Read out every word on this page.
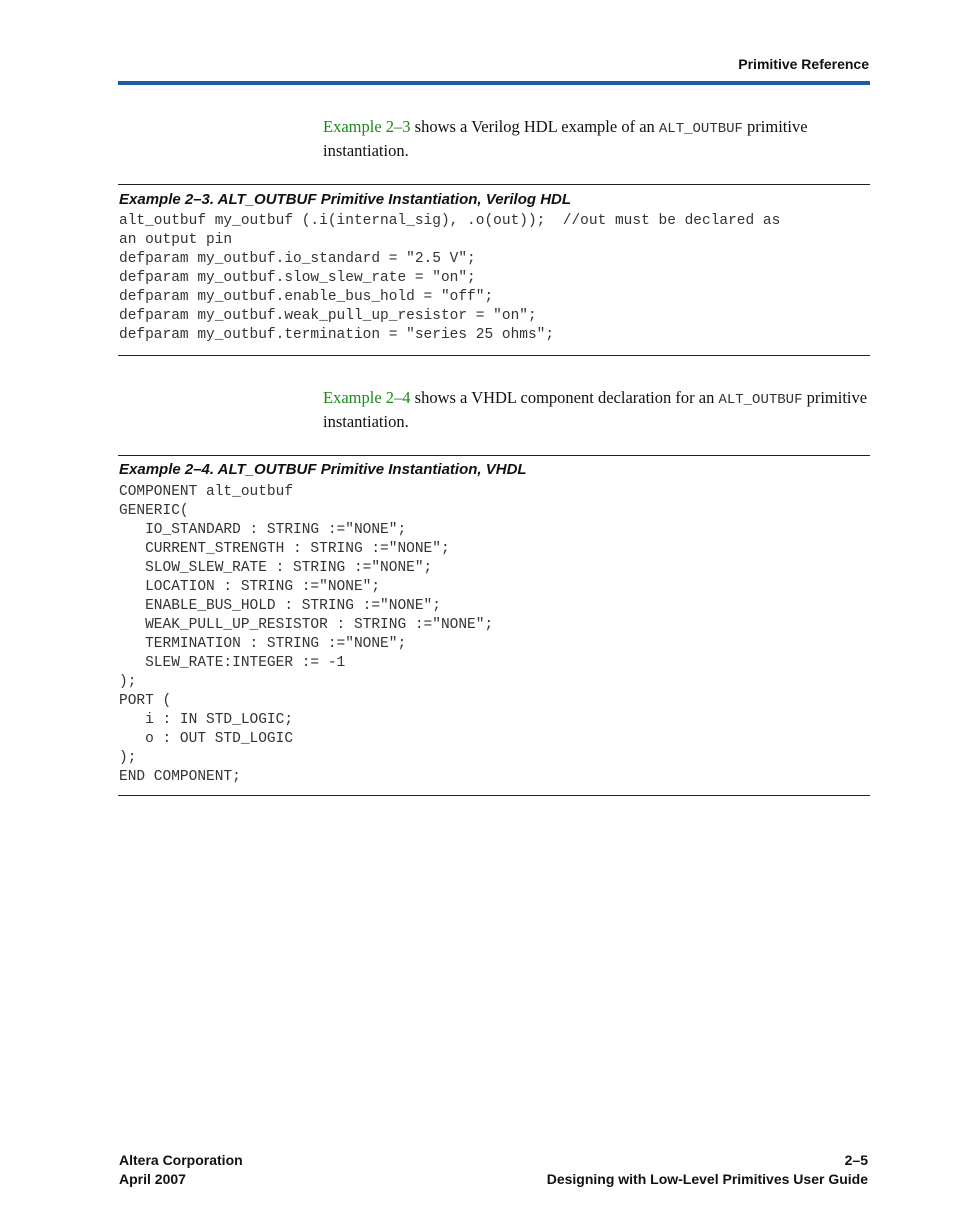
Primitive Reference
Example 2–3 shows a Verilog HDL example of an ALT_OUTBUF primitive instantiation.
Example 2–3. ALT_OUTBUF Primitive Instantiation, Verilog HDL
alt_outbuf my_outbuf (.i(internal_sig), .o(out));  //out must be declared as
an output pin
defparam my_outbuf.io_standard = "2.5 V";
defparam my_outbuf.slow_slew_rate = "on";
defparam my_outbuf.enable_bus_hold = "off";
defparam my_outbuf.weak_pull_up_resistor = "on";
defparam my_outbuf.termination = "series 25 ohms";
Example 2–4 shows a VHDL component declaration for an ALT_OUTBUF primitive instantiation.
Example 2–4. ALT_OUTBUF Primitive Instantiation, VHDL
COMPONENT alt_outbuf
GENERIC(
IO_STANDARD : STRING :="NONE";
CURRENT_STRENGTH : STRING :="NONE";
SLOW_SLEW_RATE : STRING :="NONE";
LOCATION : STRING :="NONE";
ENABLE_BUS_HOLD : STRING :="NONE";
WEAK_PULL_UP_RESISTOR : STRING :="NONE";
TERMINATION : STRING :="NONE";
SLEW_RATE:INTEGER := -1
);
PORT (
i : IN STD_LOGIC;
o : OUT STD_LOGIC
);
END COMPONENT;
Altera Corporation
April 2007
2–5
Designing with Low-Level Primitives User Guide
